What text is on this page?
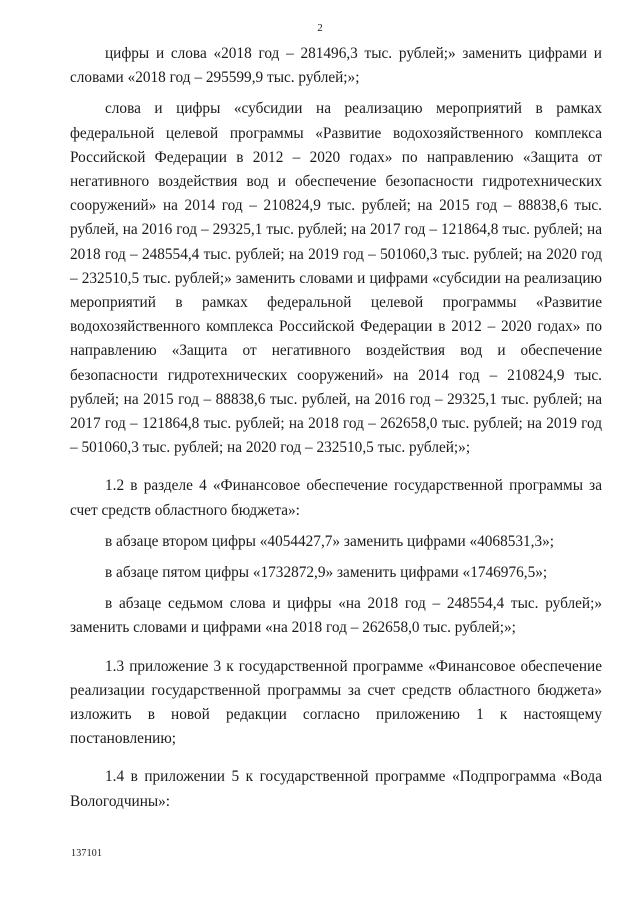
2

цифры и слова «2018 год – 281496,3 тыс. рублей;» заменить цифрами и словами «2018 год – 295599,9 тыс. рублей;»;

слова и цифры «субсидии на реализацию мероприятий в рамках федеральной целевой программы «Развитие водохозяйственного комплекса Российской Федерации в 2012 – 2020 годах» по направлению «Защита от негативного воздействия вод и обеспечение безопасности гидротехнических сооружений» на 2014 год – 210824,9 тыс. рублей; на 2015 год – 88838,6 тыс. рублей, на 2016 год – 29325,1 тыс. рублей; на 2017 год – 121864,8 тыс. рублей; на 2018 год – 248554,4 тыс. рублей; на 2019 год – 501060,3 тыс. рублей; на 2020 год – 232510,5 тыс. рублей;» заменить словами и цифрами «субсидии на реализацию мероприятий в рамках федеральной целевой программы «Развитие водохозяйственного комплекса Российской Федерации в 2012 – 2020 годах» по направлению «Защита от негативного воздействия вод и обеспечение безопасности гидротехнических сооружений» на 2014 год – 210824,9 тыс. рублей; на 2015 год – 88838,6 тыс. рублей, на 2016 год – 29325,1 тыс. рублей; на 2017 год – 121864,8 тыс. рублей; на 2018 год – 262658,0 тыс. рублей; на 2019 год – 501060,3 тыс. рублей; на 2020 год – 232510,5 тыс. рублей;»;

1.2 в разделе 4 «Финансовое обеспечение государственной программы за счет средств областного бюджета»:

в абзаце втором цифры «4054427,7» заменить цифрами «4068531,3»;

в абзаце пятом цифры «1732872,9» заменить цифрами «1746976,5»;

в абзаце седьмом слова и цифры «на 2018 год – 248554,4 тыс. рублей;» заменить словами и цифрами «на 2018 год – 262658,0 тыс. рублей;»;

1.3 приложение 3 к государственной программе «Финансовое обеспечение реализации государственной программы за счет средств областного бюджета» изложить в новой редакции согласно приложению 1 к настоящему постановлению;

1.4 в приложении 5 к государственной программе «Подпрограмма «Вода Вологодчины»:

137101
